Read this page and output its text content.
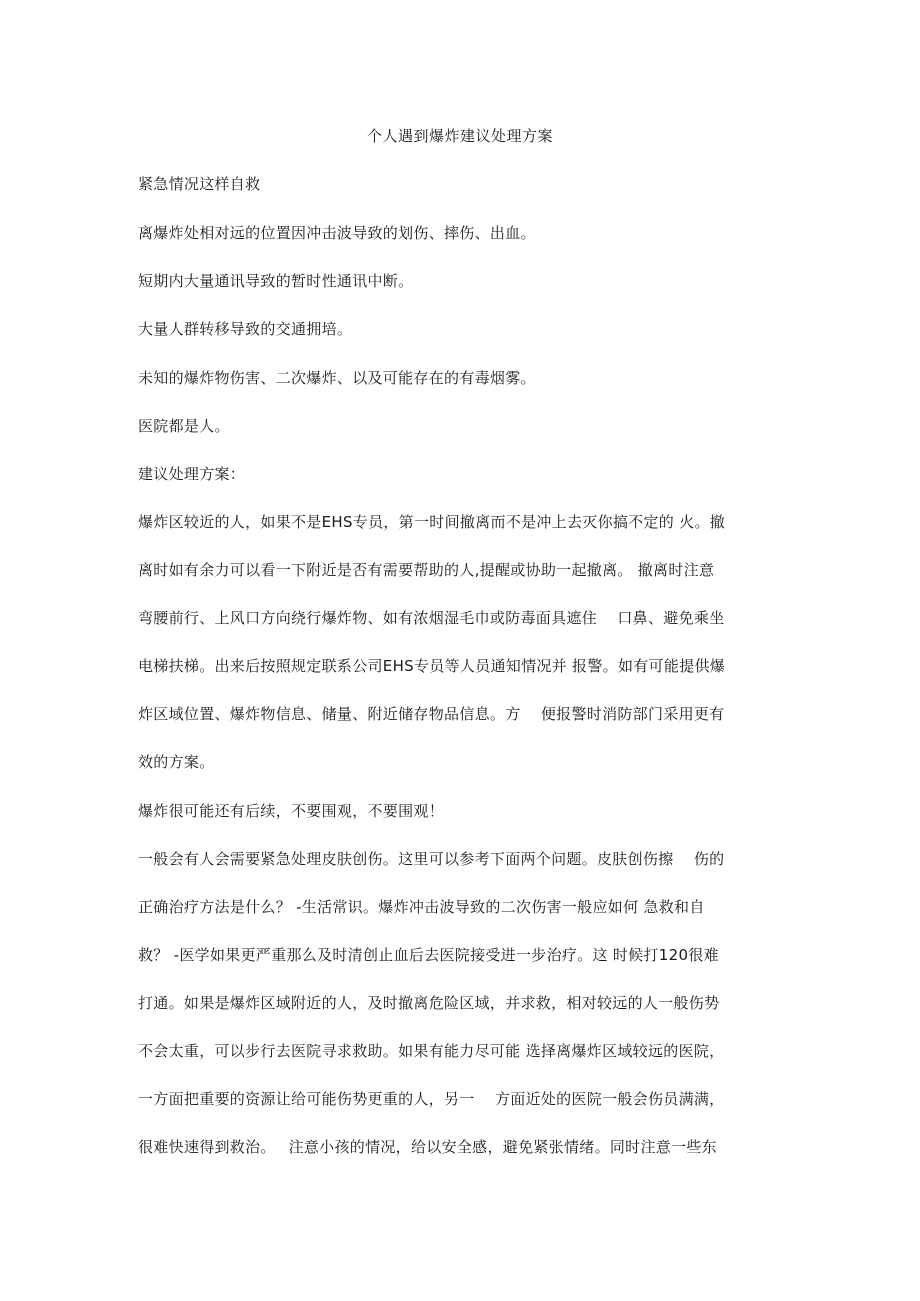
个人遇到爆炸建议处理方案
紧急情况这样自救
离爆炸处相对远的位置因冲击波导致的划伤、摔伤、出血。
短期内大量通讯导致的暂时性通讯中断。
大量人群转移导致的交通拥培。
未知的爆炸物伤害、二次爆炸、以及可能存在的有毒烟雾。
医院都是人。
建议处理方案：
爆炸区较近的人，如果不是EHS专员，第一时间撤离而不是冲上去灭你搞不定的 火。撤
离时如有余力可以看一下附近是否有需要帮助的人,提醒或协助一起撤离。 撤离时注意
弯腰前行、上风口方向绕行爆炸物、如有浓烟湿毛巾或防毒面具遮住　 口鼻、避免乘坐
电梯扶梯。出来后按照规定联系公司EHS专员等人员通知情况并 报警。如有可能提供爆
炸区域位置、爆炸物信息、储量、附近储存物品信息。方　 便报警时消防部门采用更有
效的方案。
爆炸很可能还有后续，不要围观，不要围观！
一般会有人会需要紧急处理皮肤创伤。这里可以参考下面两个问题。皮肤创伤擦　 伤的
正确治疗方法是什么？ -生活常识。爆炸冲击波导致的二次伤害一般应如何 急救和自
救？ -医学如果更严重那么及时清创止血后去医院接受进一步治疗。这 时候打120很难
打通。如果是爆炸区域附近的人，及时撤离危险区域，并求救，相对较远的人一般伤势
不会太重，可以步行去医院寻求救助。如果有能力尽可能 选择离爆炸区域较远的医院，
一方面把重要的资源让给可能伤势更重的人，另一　 方面近处的医院一般会伤员满满，
很难快速得到救治。　 注意小孩的情况，给以安全感，避免紧张情绪。同时注意一些东
